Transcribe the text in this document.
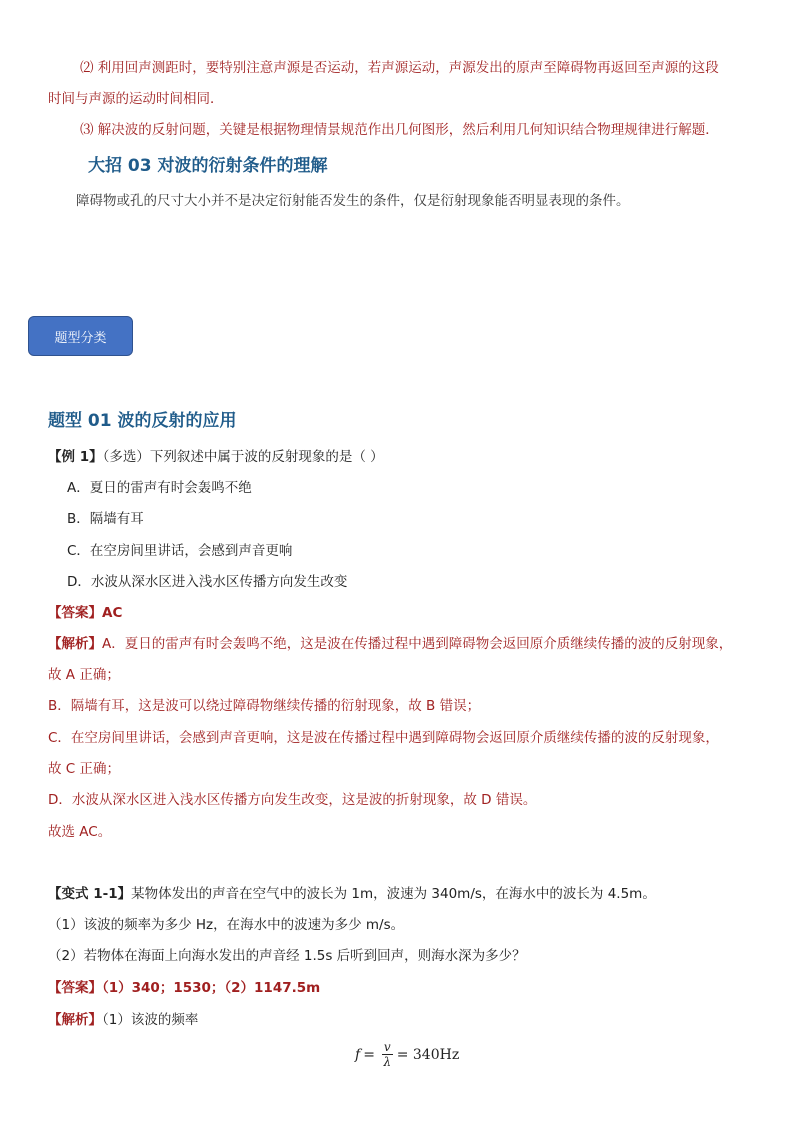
⑵ 利用回声测距时，要特别注意声源是否运动，若声源运动，声源发出的原声至障碍物再返回至声源的这段
时间与声源的运动时间相同．
⑶ 解决波的反射问题，关键是根据物理情景规范作出几何图形，然后利用几何知识结合物理规律进行解题．
大招 03 对波的衍射条件的理解
障碍物或孔的尺寸大小并不是决定衍射能否发生的条件，仅是衍射现象能否明显表现的条件。
题型分类
题型 01 波的反射的应用
【例 1】（多选）下列叙述中属于波的反射现象的是（ ）
A．夏日的雷声有时会轰鸣不绝
B．隔墙有耳
C．在空房间里讲话，会感到声音更响
D．水波从深水区进入浅水区传播方向发生改变
【答案】AC
【解析】A．夏日的雷声有时会轰鸣不绝，这是波在传播过程中遇到障碍物会返回原介质继续传播的波的反射现象，
故 A 正确；
B．隔墙有耳，这是波可以绕过障碍物继续传播的衍射现象，故 B 错误；
C．在空房间里讲话，会感到声音更响，这是波在传播过程中遇到障碍物会返回原介质继续传播的波的反射现象，
故 C 正确；
D．水波从深水区进入浅水区传播方向发生改变，这是波的折射现象，故 D 错误。
故选 AC。
【变式 1-1】某物体发出的声音在空气中的波长为 1m，波速为 340m/s，在海水中的波长为 4.5m。
（1）该波的频率为多少 Hz，在海水中的波速为多少 m/s。
（2）若物体在海面上向海水发出的声音经 1.5s 后听到回声，则海水深为多少？
【答案】（1）340；1530；（2）1147.5m
【解析】（1）该波的频率
$f = \frac{v}{\lambda} = 340Hz$
